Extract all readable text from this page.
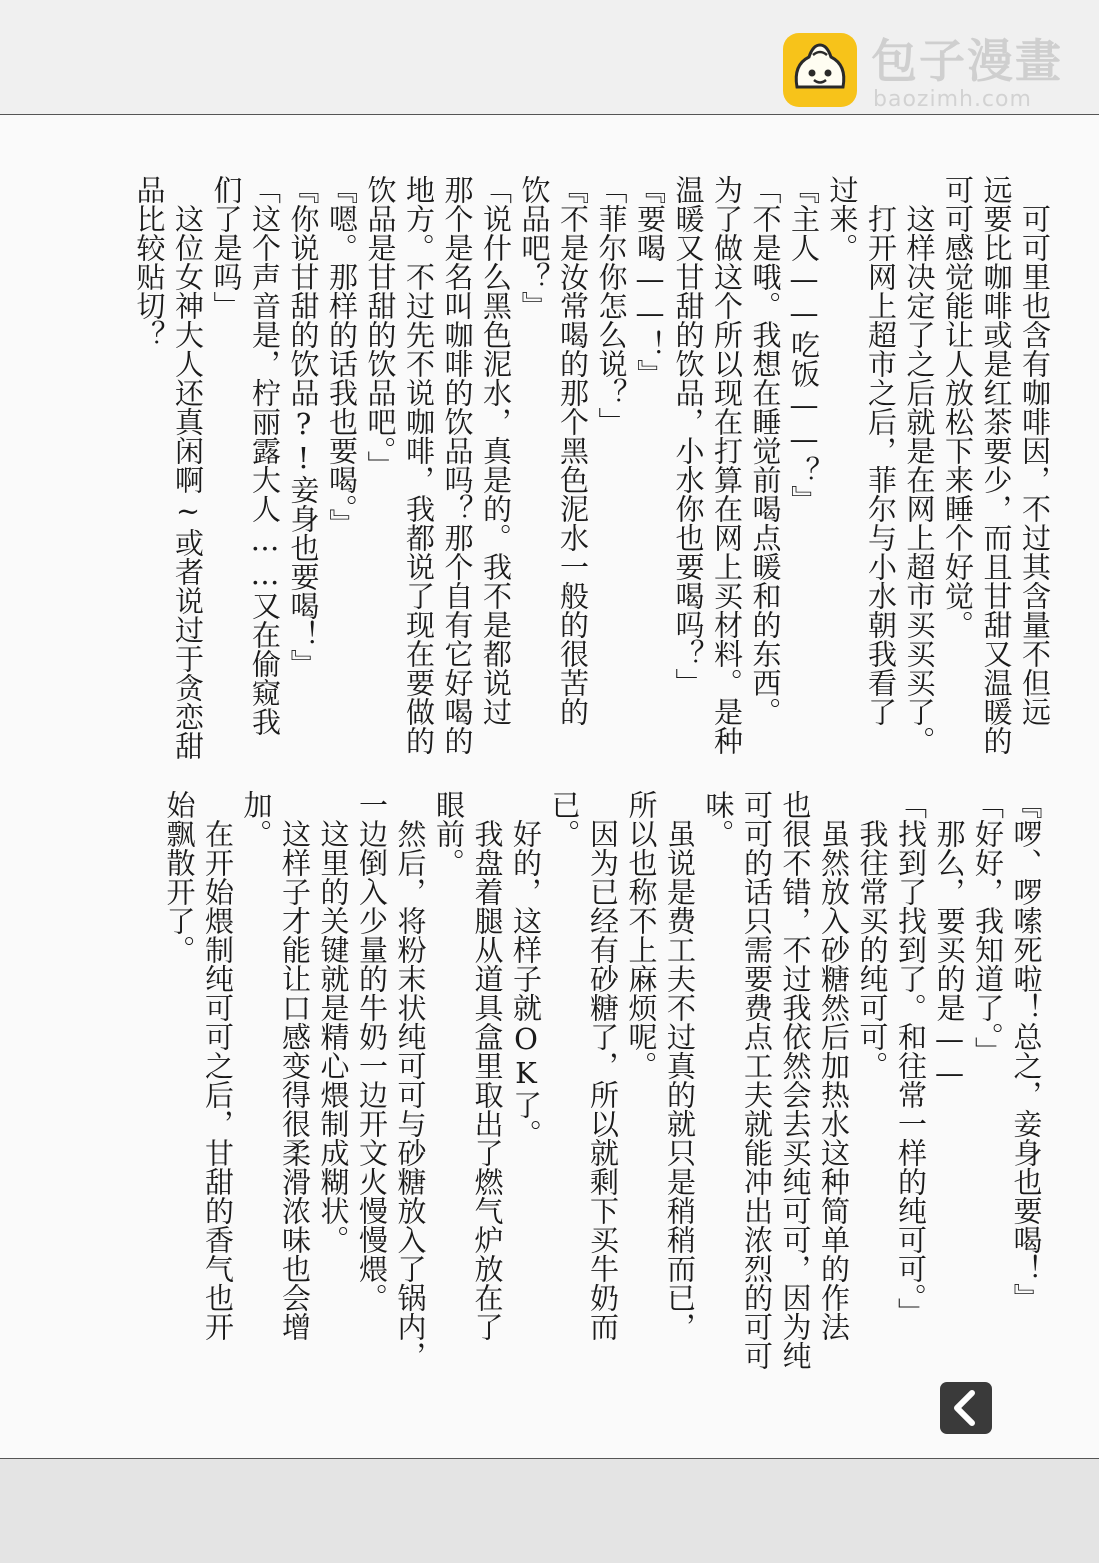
包子漫畫
baozimh.com
　可可里也含有咖啡因，不过其含量不但远
远要比咖啡或是红茶要少，而且甘甜又温暖的
可可感觉能让人放松下来睡个好觉。
　这样决定了之后就是在网上超市买买买了。
　打开网上超市之后，菲尔与小水朝我看了
过来。
『主人——吃饭——？』
「不是哦。我想在睡觉前喝点暖和的东西。
为了做这个所以现在打算在网上买材料。是种
温暖又甘甜的饮品，小水你也要喝吗？」
『要喝——！』
「菲尔你怎么说？」
『不是汝常喝的那个黑色泥水一般的很苦的
饮品吧？』
「说什么黑色泥水，真是的。我不是都说过
那个是名叫咖啡的饮品吗？那个自有它好喝的
地方。不过先不说咖啡，我都说了现在要做的
饮品是甘甜的饮品吧。」
『嗯。那样的话我也要喝。』
『你说甘甜的饮品?!妾身也要喝！』
「这个声音是，柠丽露大人……又在偷窥我
们了是吗」
　这位女神大人还真闲啊~或者说过于贪恋甜
品比较贴切？
『啰、啰嗦死啦！总之，妾身也要喝！』
「好好，我知道了。」
　那么，要买的是——
「找到了找到了。和往常一样的纯可可。」
　我往常买的纯可可。
　虽然放入砂糖然后加热水这种简单的作法
也很不错，不过我依然会去买纯可可，因为纯
可可的话只需要费点工夫就能冲出浓烈的可可
味。
　虽说是费工夫不过真的就只是稍稍而已，
所以也称不上麻烦呢。
　因为已经有砂糖了，所以就剩下买牛奶而
已。
　好的，这样子就OK了。
　我盘着腿从道具盒里取出了燃气炉放在了
眼前。
　然后，将粉末状纯可可与砂糖放入了锅内，
一边倒入少量的牛奶一边开文火慢慢煨。
　这里的关键就是精心煨制成糊状。
　这样子才能让口感变得很柔滑浓味也会增
加。
　在开始煨制纯可可之后，甘甜的香气也开
始飘散开了。
